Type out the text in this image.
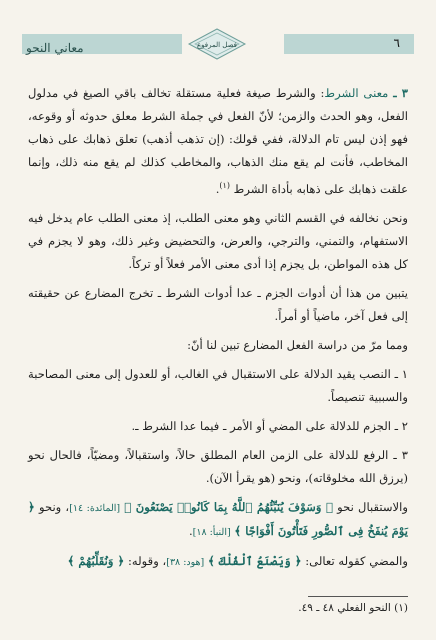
معاني النحو	فصل المرفوع	٦

٣ ـ معنى الشرط: والشرط صيغة فعلية مستقلة تخالف باقي الصيغ في مدلول الفعل، وهو الحدث والزمن؛ لأنّ الفعل في جملة الشرط معلق حدوثه أو وقوعه، فهو إذن ليس تام الدلالة، ففي قولك: (إن تذهب أذهب) تعلق ذهابك على ذهاب المخاطب، فأنت لم يقع منك الذهاب، والمخاطب كذلك لم يقع منه ذلك، وإنما علقت ذهابك على ذهابه بأداة الشرط $^{(١)}$.

ونحن نخالفه في القسم الثاني وهو معنى الطلب، إذ معنى الطلب عام يدخل فيه الاستفهام، والتمني، والترجي، والعرض، والتحضيض وغير ذلك، وهو لا يجزم في كل هذه المواطن، بل يجزم إذا أدى معنى الأمر فعلاً أو تركاً.

يتبين من هذا أن أدوات الجزم ـ عدا أدوات الشرط ـ تخرج المضارع عن حقيقته إلى فعل آخر، ماضياً أو أمراً.

ومما مرّ من دراسة الفعل المضارع تبين لنا أنّ:

١ ـ النصب يقيد الدلالة على الاستقبال في الغالب، أو للعدول إلى معنى المصاحبة والسببية تنصيصاً.

٢ ـ الجزم للدلالة على المضي أو الأمر ـ فيما عدا الشرط ـ.

٣ ـ الرفع للدلالة على الزمن العام المطلق حالاً، واستقبالاً، ومضيّاً، فالحال نحو (يرزق الله مخلوقاته)، ونحو (هو يقرأ الآن).

والاستقبال نحو ﴿ وَسَوْفَ يُنَبِّئُهُمُ ٱللَّهُ بِمَا كَانُوا۟ يَصْنَعُونَ ﴾ [المائدة: ١٤]، ونحو ﴿ يَوْمَ يُنفَخُ فِى ٱلصُّورِ فَتَأْتُونَ أَفْوَاجًا ﴾ [النبأ: ١٨].

والمضي كقوله تعالى: ﴿ وَيَصْنَعُ ٱلْفُلْكَ ﴾ [هود: ٣٨]، وقوله: ﴿ وَنُقَلِّبُهُمْ ﴾

(١) النحو الفعلي ٤٨ ـ ٤٩.
